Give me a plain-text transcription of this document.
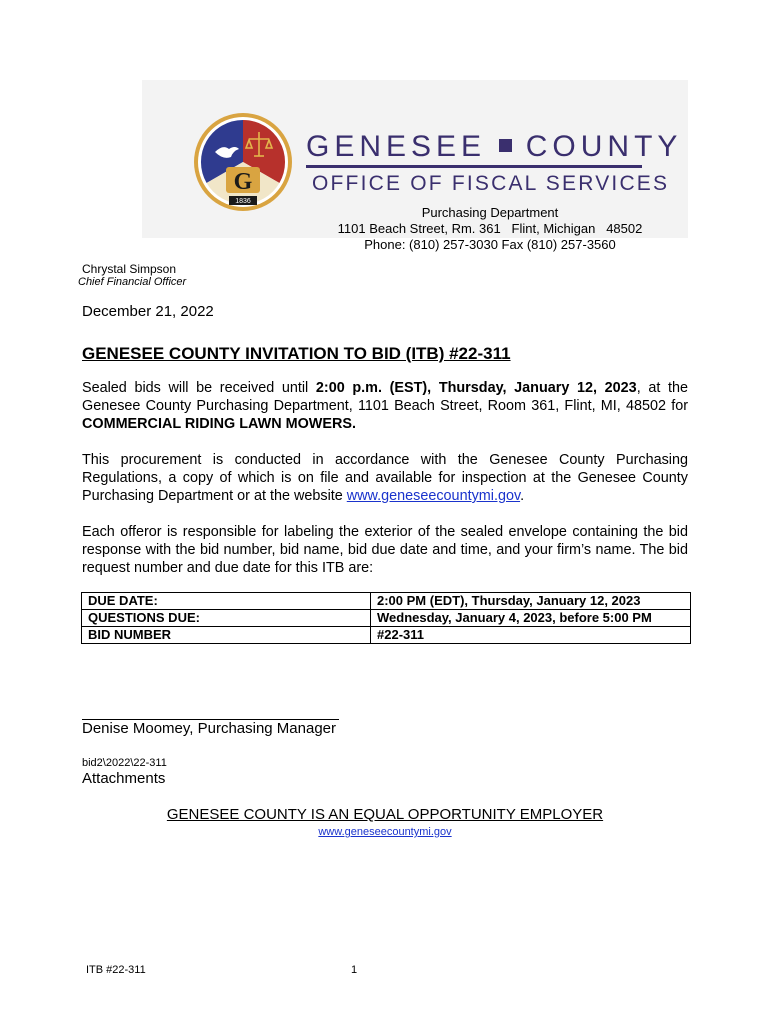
G
1836
GENESEE COUNTY
OFFICE OF FISCAL SERVICES
Purchasing Department
1101 Beach Street, Rm. 361   Flint, Michigan   48502
Phone: (810) 257-3030 Fax (810) 257-3560
Chrystal Simpson
Chief Financial Officer
December 21, 2022
GENESEE COUNTY INVITATION TO BID (ITB) #22-311
Sealed bids will be received until 2:00 p.m. (EST), Thursday, January 12, 2023, at the Genesee County Purchasing Department, 1101 Beach Street, Room 361, Flint, MI, 48502 for COMMERCIAL RIDING LAWN MOWERS.
This procurement is conducted in accordance with the Genesee County Purchasing Regulations, a copy of which is on file and available for inspection at the Genesee County Purchasing Department or at the website www.geneseecountymi.gov.
Each offeror is responsible for labeling the exterior of the sealed envelope containing the bid response with the bid number, bid name, bid due date and time, and your firm’s name. The bid request number and due date for this ITB are:
DUE DATE:	2:00 PM (EDT), Thursday, January 12, 2023
QUESTIONS DUE:	Wednesday, January 4, 2023, before 5:00 PM
BID NUMBER	#22-311
Denise Moomey, Purchasing Manager
bid2\2022\22-311
Attachments
GENESEE COUNTY IS AN EQUAL OPPORTUNITY EMPLOYER
www.geneseecountymi.gov
ITB #22-311	1
